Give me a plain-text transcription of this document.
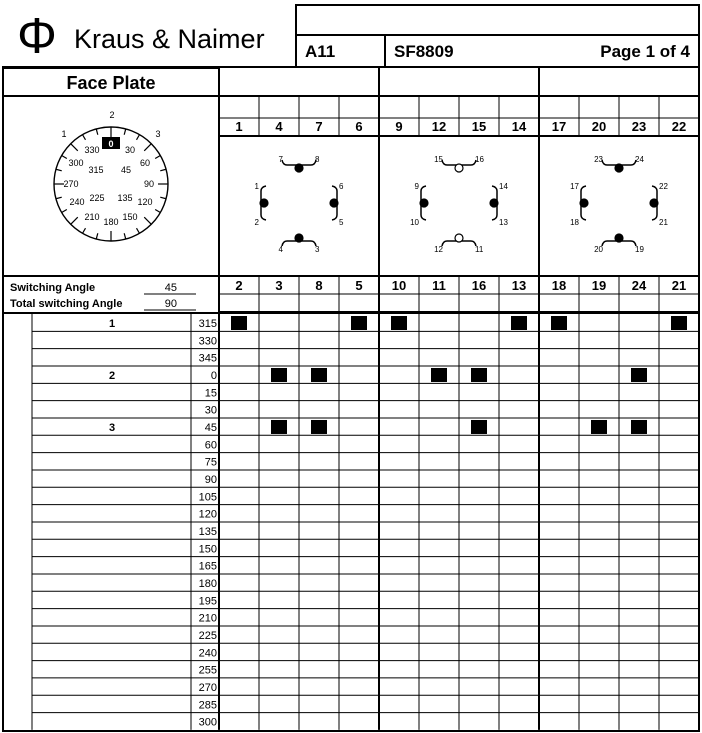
Φ Kraus & Naimer A11	SF8809	Page 1 of 4
Face Plate
2
1	3
0
330	30
300
315 45
60
270	90
240 225 135 120
210	150
180
Switching Angle	45
Total switching Angle	90
1	4	7	6
2	3	8	5
9 12 15 14
10 11 16 13
17 20 23 22
18 19 24 21
7	8
4	3
1
2
6
5
15	16
12	11
9
10
14
13
23	24
20	19
17
18
22
21
1	315
330
345
2	0
15
30
3	45
60
75
90
105
120
135
150
165
180
195
210
225
240
255
270
285
300
